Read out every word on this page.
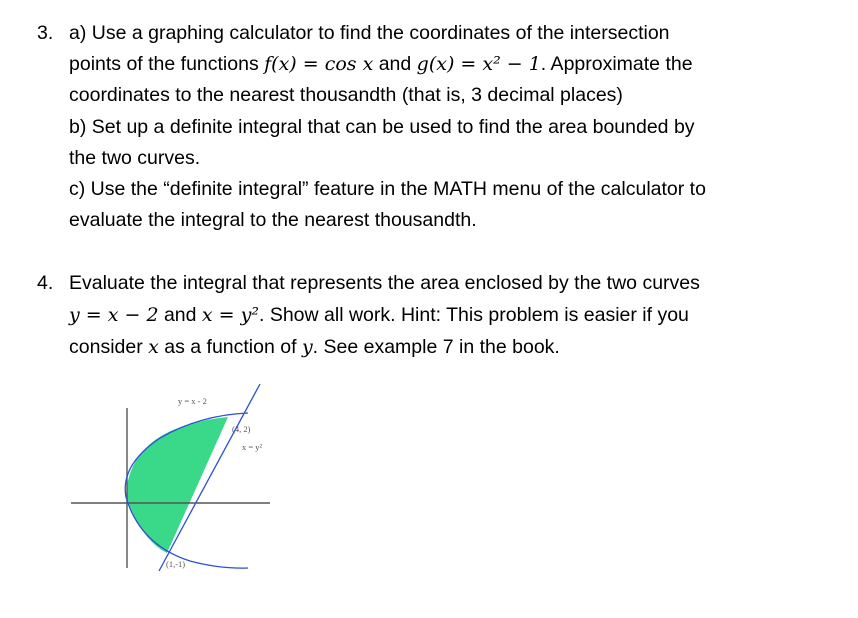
3. a) Use a graphing calculator to find the coordinates of the intersection
points of the functions f(x) = cos x and g(x) = x² − 1. Approximate the
coordinates to the nearest thousandth (that is, 3 decimal places)
b) Set up a definite integral that can be used to find the area bounded by
the two curves.
c) Use the “definite integral” feature in the MATH menu of the calculator to
evaluate the integral to the nearest thousandth.
4. Evaluate the integral that represents the area enclosed by the two curves
y = x − 2 and x = y². Show all work. Hint: This problem is easier if you
consider x as a function of y. See example 7 in the book.
y = x - 2
(4, 2)
x = y²
(1,-1)
